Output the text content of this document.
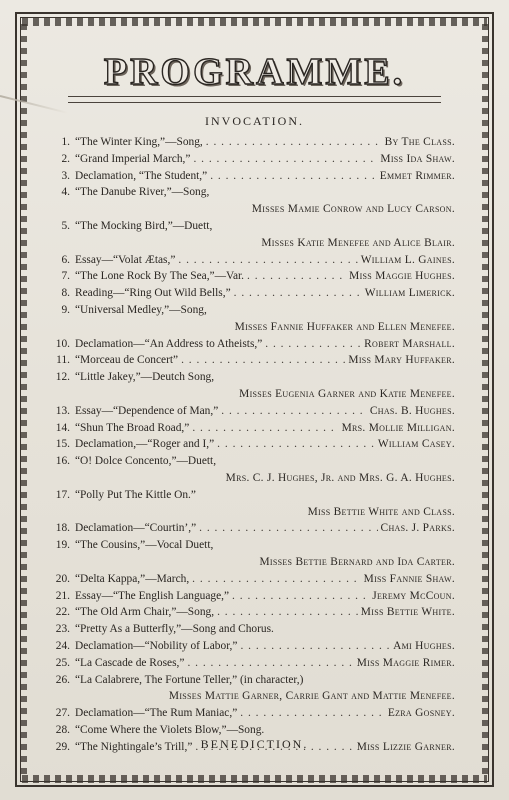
PROGRAMME.
INVOCATION.
1. “The Winter King,”—Song, . . .	By The Class.
2. “Grand Imperial March,” . . .	Miss Ida Shaw.
3. Declamation, “The Student,” . . .	Emmet Rimmer.
4. “The Danube River,”—Song,
Misses Mamie Conrow and Lucy Carson.
5. “The Mocking Bird,”—Duett,
Misses Katie Menefee and Alice Blair.
6. Essay—“Volat Ætas,” . . .	William L. Gaines.
7. “The Lone Rock By The Sea,”—Var. . . .	Miss Maggie Hughes.
8. Reading—“Ring Out Wild Bells,” . . .	William Limerick.
9. “Universal Medley,”—Song,
Misses Fannie Huffaker and Ellen Menefee.
10. Declamation—“An Address to Atheists,” . . .	Robert Marshall.
11. “Morceau de Concert” . . .	Miss Mary Huffaker.
12. “Little Jakey,”—Deutch Song,
Misses Eugenia Garner and Katie Menefee.
13. Essay—“Dependence of Man,” . . .	Chas. B. Hughes.
14. “Shun The Broad Road,” . . .	Mrs. Mollie Milligan.
15. Declamation,—“Roger and I,” . . .	William Casey.
16. “O! Dolce Concento,”—Duett,
Mrs. C. J. Hughes, Jr. and Mrs. G. A. Hughes.
17. “Polly Put The Kittle On.”
Miss Bettie White and Class.
18. Declamation—“Courtin’,” . . .	Chas. J. Parks.
19. “The Cousins,”—Vocal Duett,
Misses Bettie Bernard and Ida Carter.
20. “Delta Kappa,”—March, . . .	Miss Fannie Shaw.
21. Essay—“The English Language,” . . .	Jeremy McCoun.
22. “The Old Arm Chair,”—Song, . . .	Miss Bettie White.
23. “Pretty As a Butterfly,”—Song and Chorus.
24. Declamation—“Nobility of Labor,” . . .	Ami Hughes.
25. “La Cascade de Roses,” . . .	Miss Maggie Rimer.
26. “La Calabrere, The Fortune Teller,” (in character,)
Misses Mattie Garner, Carrie Gant and Mattie Menefee.
27. Declamation—“The Rum Maniac,” . . .	Ezra Gosney.
28. “Come Where the Violets Blow,”—Song.
29. “The Nightingale’s Trill,” . . .	Miss Lizzie Garner.
BENEDICTION.
